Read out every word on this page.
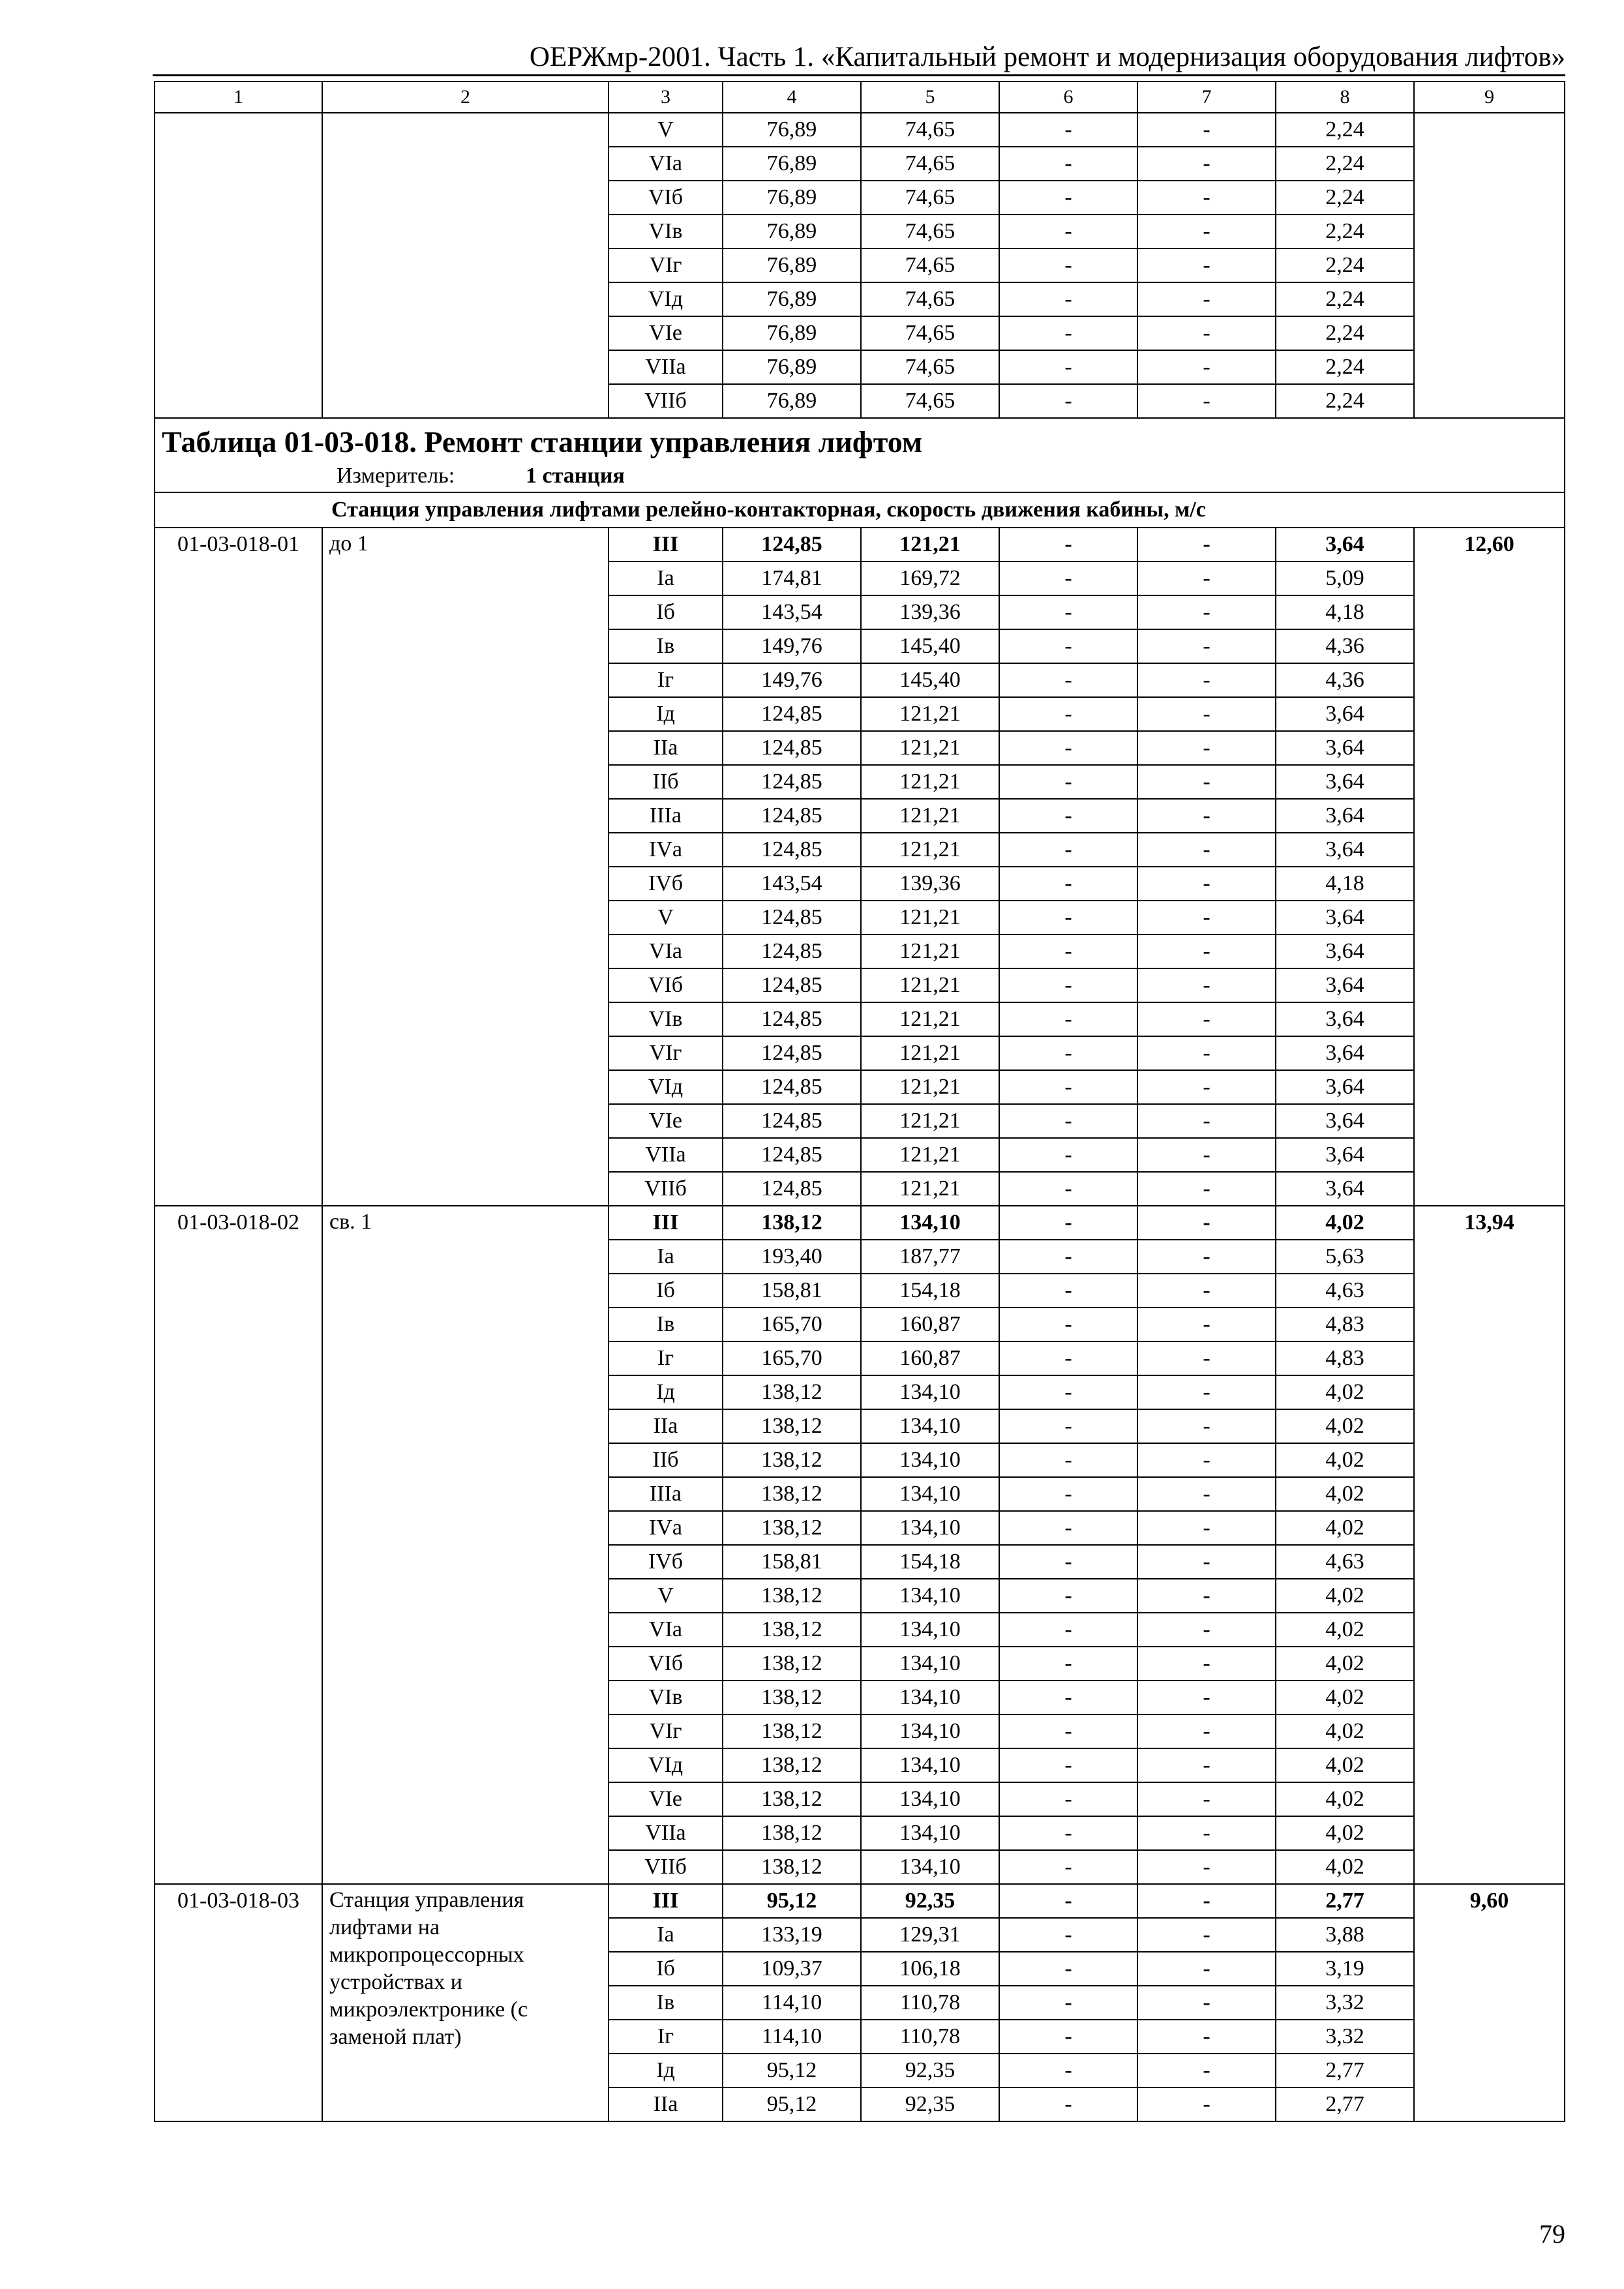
ОЕРЖмр-2001. Часть 1. «Капитальный ремонт и модернизация оборудования лифтов»
1	2	3	4	5	6	7	8	9
		V	76,89	74,65	-	-	2,24	
		VIа	76,89	74,65	-	-	2,24	
		VIб	76,89	74,65	-	-	2,24	
		VIв	76,89	74,65	-	-	2,24	
		VIг	76,89	74,65	-	-	2,24	
		VIд	76,89	74,65	-	-	2,24	
		VIе	76,89	74,65	-	-	2,24	
		VIIа	76,89	74,65	-	-	2,24	
		VIIб	76,89	74,65	-	-	2,24	

Таблица 01-03-018. Ремонт станции управления лифтом
Измеритель: 1 станция								

Станция управления лифтами релейно-контакторная, скорость движения кабины, м/с								
01-03-018-01	до 1	III	124,85	121,21	-	-	3,64	12,60
		Iа	174,81	169,72	-	-	5,09	
		Iб	143,54	139,36	-	-	4,18	
		Iв	149,76	145,40	-	-	4,36	
		Iг	149,76	145,40	-	-	4,36	
		Iд	124,85	121,21	-	-	3,64	
		IIа	124,85	121,21	-	-	3,64	
		IIб	124,85	121,21	-	-	3,64	
		IIIа	124,85	121,21	-	-	3,64	
		IVа	124,85	121,21	-	-	3,64	
		IVб	143,54	139,36	-	-	4,18	
		V	124,85	121,21	-	-	3,64	
		VIа	124,85	121,21	-	-	3,64	
		VIб	124,85	121,21	-	-	3,64	
		VIв	124,85	121,21	-	-	3,64	
		VIг	124,85	121,21	-	-	3,64	
		VIд	124,85	121,21	-	-	3,64	
		VIе	124,85	121,21	-	-	3,64	
		VIIа	124,85	121,21	-	-	3,64	
		VIIб	124,85	121,21	-	-	3,64	
01-03-018-02	св. 1	III	138,12	134,10	-	-	4,02	13,94
		Iа	193,40	187,77	-	-	5,63	
		Iб	158,81	154,18	-	-	4,63	
		Iв	165,70	160,87	-	-	4,83	
		Iг	165,70	160,87	-	-	4,83	
		Iд	138,12	134,10	-	-	4,02	
		IIа	138,12	134,10	-	-	4,02	
		IIб	138,12	134,10	-	-	4,02	
		IIIа	138,12	134,10	-	-	4,02	
		IVа	138,12	134,10	-	-	4,02	
		IVб	158,81	154,18	-	-	4,63	
		V	138,12	134,10	-	-	4,02	
		VIа	138,12	134,10	-	-	4,02	
		VIб	138,12	134,10	-	-	4,02	
		VIв	138,12	134,10	-	-	4,02	
		VIг	138,12	134,10	-	-	4,02	
		VIд	138,12	134,10	-	-	4,02	
		VIе	138,12	134,10	-	-	4,02	
		VIIа	138,12	134,10	-	-	4,02	
		VIIб	138,12	134,10	-	-	4,02	
01-03-018-03	Станция управления лифтами на микропроцессорных устройствах и микроэлектронике (с заменой плат)	III	95,12	92,35	-	-	2,77	9,60
		Iа	133,19	129,31	-	-	3,88	
		Iб	109,37	106,18	-	-	3,19	
		Iв	114,10	110,78	-	-	3,32	
		Iг	114,10	110,78	-	-	3,32	
		Iд	95,12	92,35	-	-	2,77	
		IIа	95,12	92,35	-	-	2,77	
79
